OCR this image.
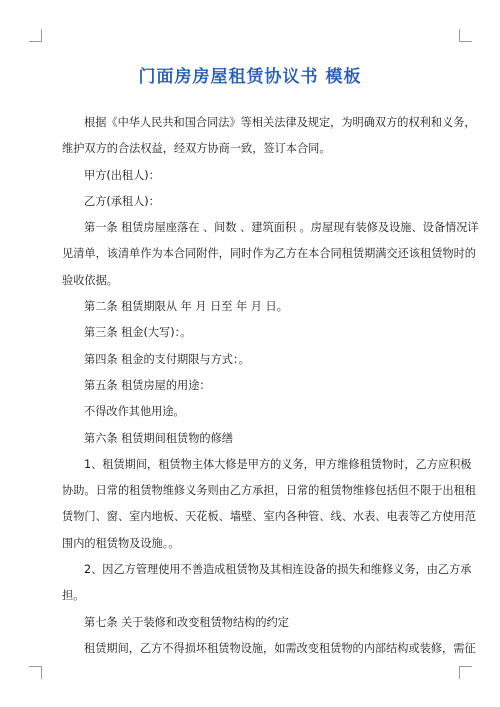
门面房房屋租赁协议书 模板
根据《中华人民共和国合同法》等相关法律及规定，为明确双方的权利和义务，
维护双方的合法权益，经双方协商一致，签订本合同。
甲方(出租人)：
乙方(承租人)：
第一条 租赁房屋座落在 、间数 、建筑面积 。房屋现有装修及设施、设备情况详
见清单，该清单作为本合同附件，同时作为乙方在本合同租赁期满交还该租赁物时的
验收依据。
第二条 租赁期限从 年 月 日至 年 月 日。
第三条 租金(大写)：。
第四条 租金的支付期限与方式：。
第五条 租赁房屋的用途：
不得改作其他用途。
第六条 租赁期间租赁物的修缮
1、租赁期间，租赁物主体大修是甲方的义务，甲方维修租赁物时，乙方应积极
协助。日常的租赁物维修义务则由乙方承担，日常的租赁物维修包括但不限于出租租
赁物门、窗、室内地板、天花板、墙壁、室内各种管、线、水表、电表等乙方使用范
围内的租赁物及设施。。
2、因乙方管理使用不善造成租赁物及其相连设备的损失和维修义务，由乙方承
担。
第七条 关于装修和改变租赁物结构的约定
租赁期间，乙方不得损坏租赁物设施，如需改变租赁物的内部结构或装修，需征
